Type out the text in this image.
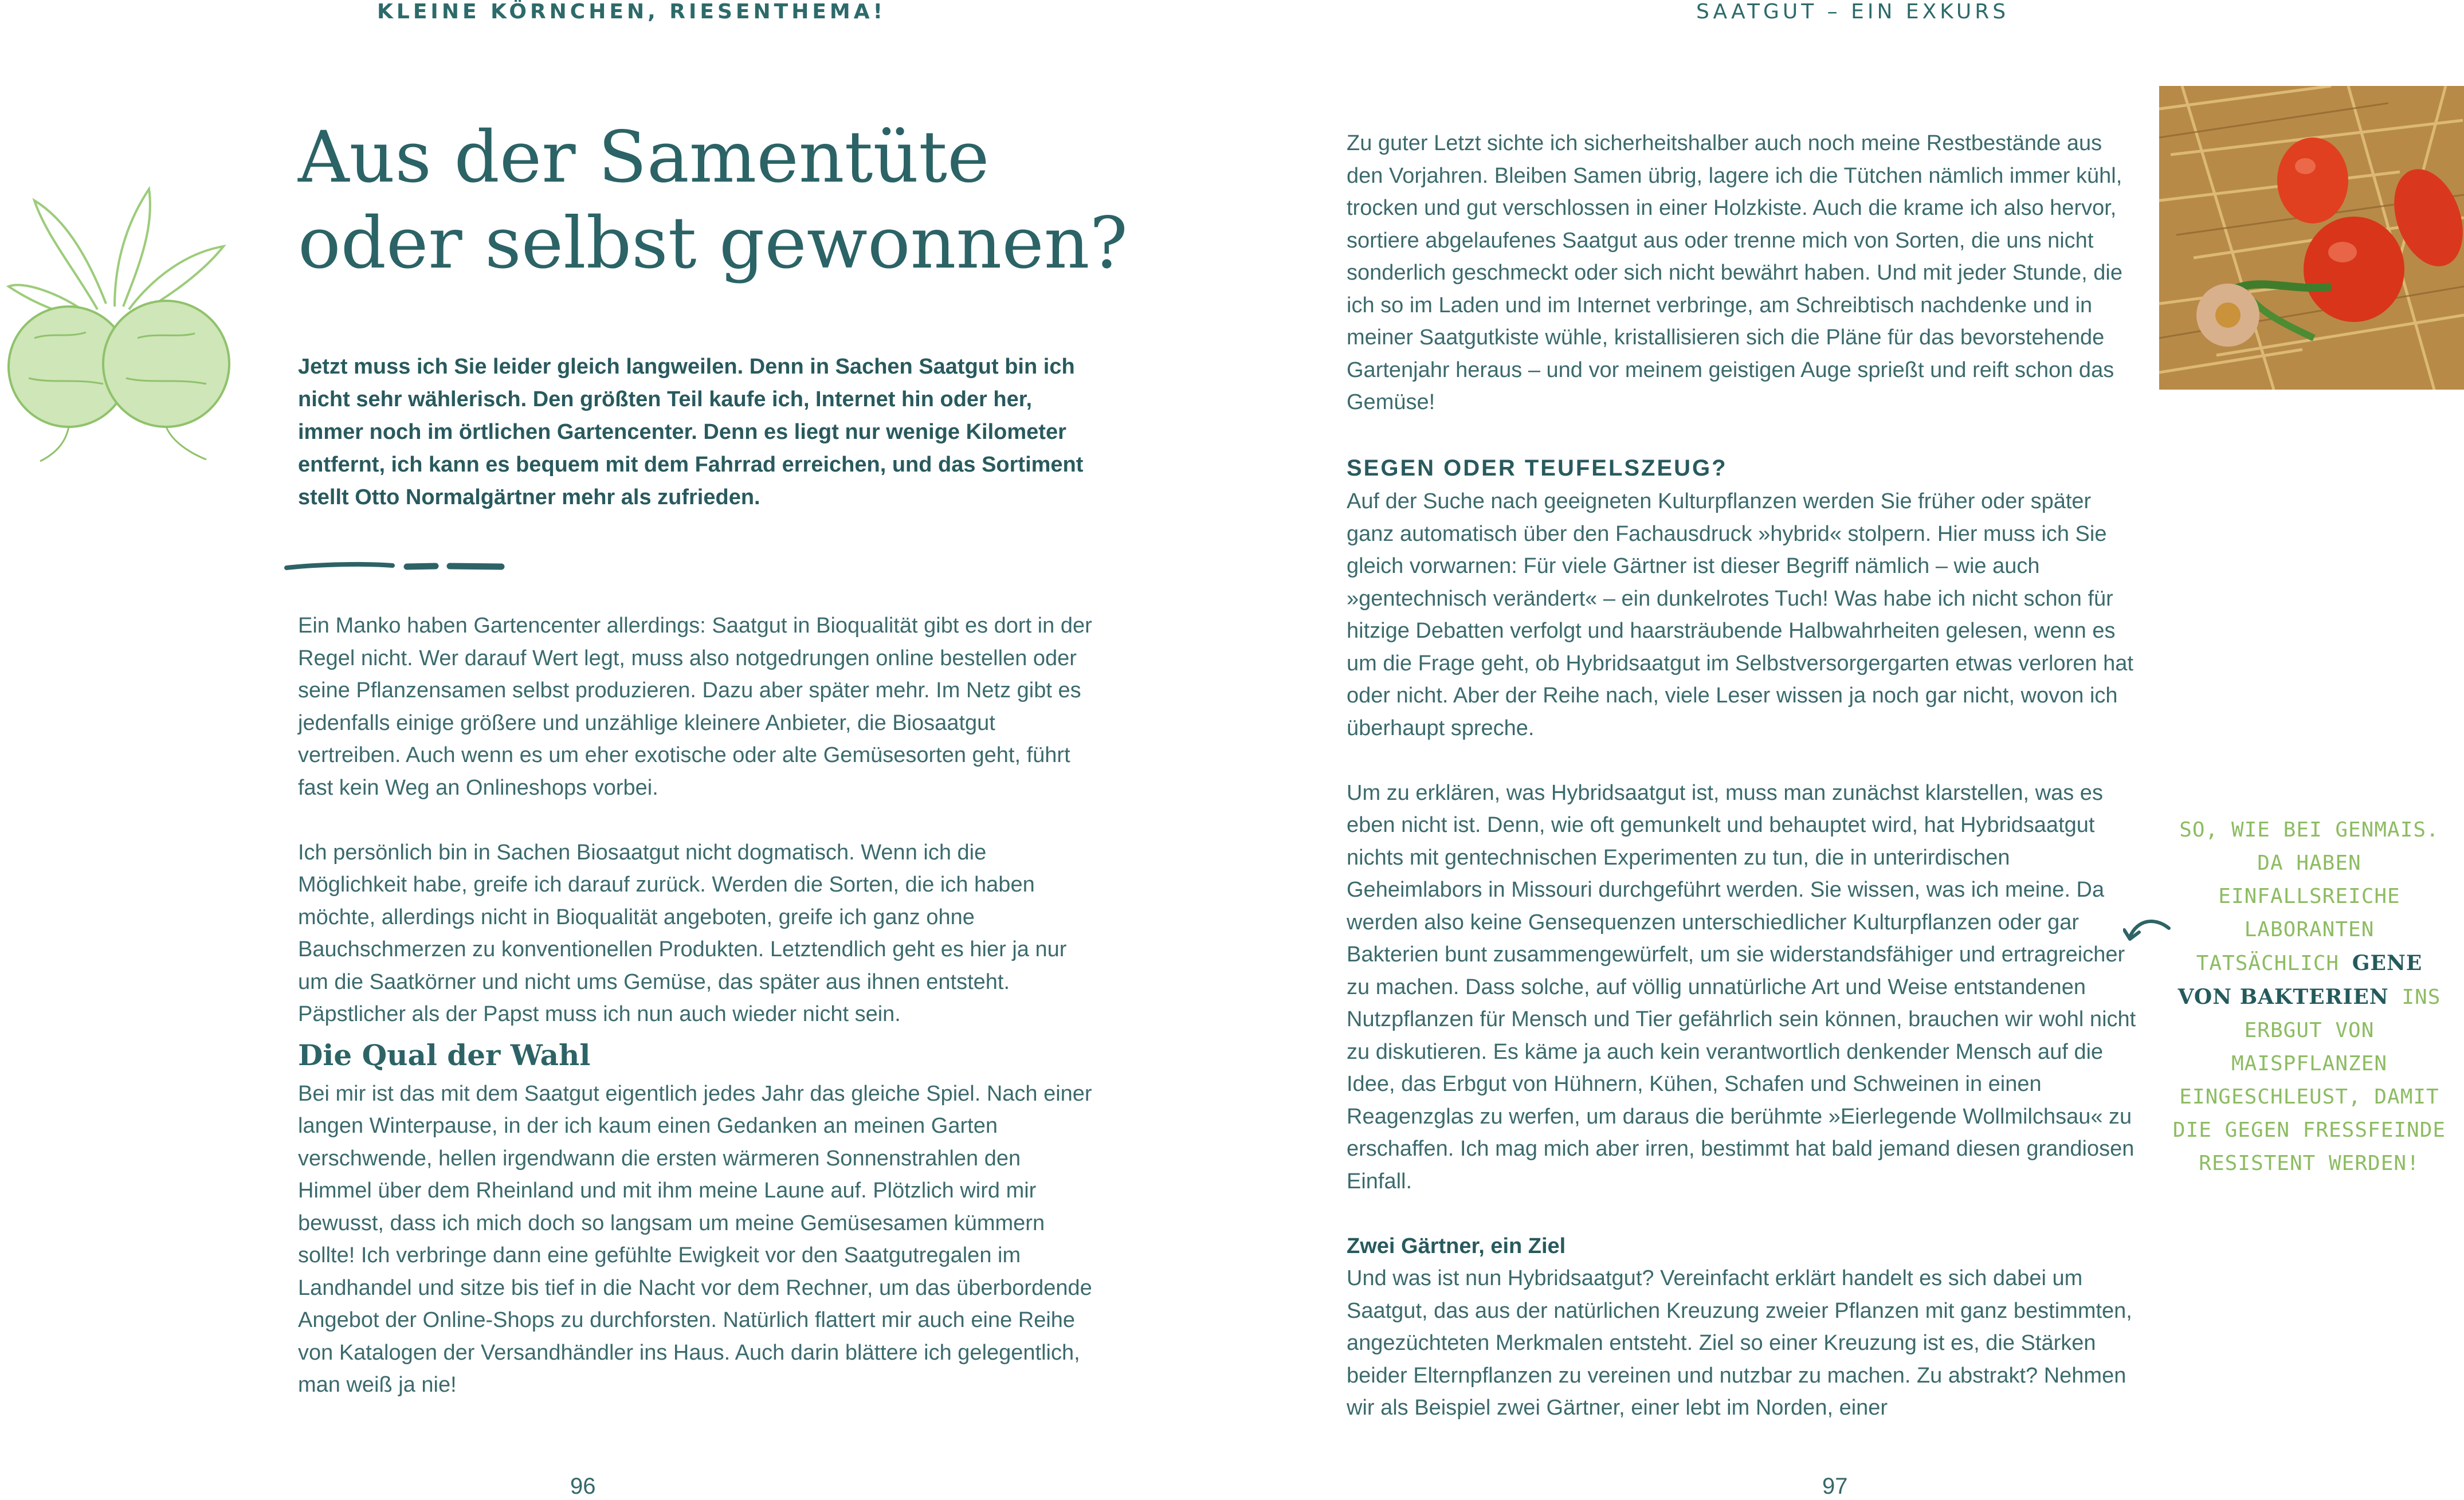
KLEINE KÖRNCHEN, RIESENTHEMA!	SAATGUT – EIN EXKURS
Aus der Samentüte
oder selbst gewonnen?

Jetzt muss ich Sie leider gleich langweilen. Denn in Sachen Saatgut bin ich nicht sehr wählerisch. Den größten Teil kaufe ich, Internet hin oder her, immer noch im örtlichen Gartencenter. Denn es liegt nur wenige Kilometer entfernt, ich kann es bequem mit dem Fahrrad erreichen, und das Sortiment stellt Otto Normalgärtner mehr als zufrieden.

Ein Manko haben Gartencenter allerdings: Saatgut in Bioqualität gibt es dort in der Regel nicht. Wer darauf Wert legt, muss also notgedrungen online bestellen oder seine Pflanzensamen selbst produzieren. Dazu aber später mehr. Im Netz gibt es jedenfalls einige größere und unzählige kleinere Anbieter, die Biosaatgut vertreiben. Auch wenn es um eher exotische oder alte Gemüsesorten geht, führt fast kein Weg an Onlineshops vorbei.

Ich persönlich bin in Sachen Biosaatgut nicht dogmatisch. Wenn ich die Möglichkeit habe, greife ich darauf zurück. Werden die Sorten, die ich haben möchte, allerdings nicht in Bioqualität angeboten, greife ich ganz ohne Bauchschmerzen zu konventionellen Produkten. Letztendlich geht es hier ja nur um die Saatkörner und nicht ums Gemüse, das später aus ihnen entsteht. Päpstlicher als der Papst muss ich nun auch wieder nicht sein.

Die Qual der Wahl

Bei mir ist das mit dem Saatgut eigentlich jedes Jahr das gleiche Spiel. Nach einer langen Winterpause, in der ich kaum einen Gedanken an meinen Garten verschwende, hellen irgendwann die ersten wärmeren Sonnenstrahlen den Himmel über dem Rheinland und mit ihm meine Laune auf. Plötzlich wird mir bewusst, dass ich mich doch so langsam um meine Gemüsesamen kümmern sollte! Ich verbringe dann eine gefühlte Ewigkeit vor den Saatgutregalen im Landhandel und sitze bis tief in die Nacht vor dem Rechner, um das überbordende Angebot der Online-Shops zu durchforsten. Natürlich flattert mir auch eine Reihe von Katalogen der Versandhändler ins Haus. Auch darin blättere ich gelegentlich, man weiß ja nie!

96

Zu guter Letzt sichte ich sicherheitshalber auch noch meine Restbestände aus den Vorjahren. Bleiben Samen übrig, lagere ich die Tütchen nämlich immer kühl, trocken und gut verschlossen in einer Holzkiste. Auch die krame ich also hervor, sortiere abgelaufenes Saatgut aus oder trenne mich von Sorten, die uns nicht sonderlich geschmeckt oder sich nicht bewährt haben. Und mit jeder Stunde, die ich so im Laden und im Internet verbringe, am Schreibtisch nachdenke und in meiner Saatgutkiste wühle, kristallisieren sich die Pläne für das bevorstehende Gartenjahr heraus – und vor meinem geistigen Auge sprießt und reift schon das Gemüse!

SEGEN ODER TEUFELSZEUG?

Auf der Suche nach geeigneten Kulturpflanzen werden Sie früher oder später ganz automatisch über den Fachausdruck »hybrid« stolpern. Hier muss ich Sie gleich vorwarnen: Für viele Gärtner ist dieser Begriff nämlich – wie auch »gentechnisch verändert« – ein dunkelrotes Tuch! Was habe ich nicht schon für hitzige Debatten verfolgt und haarsträubende Halbwahrheiten gelesen, wenn es um die Frage geht, ob Hybridsaatgut im Selbstversorgergarten etwas verloren hat oder nicht. Aber der Reihe nach, viele Leser wissen ja noch gar nicht, wovon ich überhaupt spreche.

Um zu erklären, was Hybridsaatgut ist, muss man zunächst klarstellen, was es eben nicht ist. Denn, wie oft gemunkelt und behauptet wird, hat Hybridsaatgut nichts mit gentechnischen Experimenten zu tun, die in unterirdischen Geheimlabors in Missouri durchgeführt werden. Sie wissen, was ich meine. Da werden also keine Gensequenzen unterschiedlicher Kulturpflanzen oder gar Bakterien bunt zusammengewürfelt, um sie widerstandsfähiger und ertragreicher zu machen. Dass solche, auf völlig unnatürliche Art und Weise entstandenen Nutzpflanzen für Mensch und Tier gefährlich sein können, brauchen wir wohl nicht zu diskutieren. Es käme ja auch kein verantwortlich denkender Mensch auf die Idee, das Erbgut von Hühnern, Kühen, Schafen und Schweinen in einen Reagenzglas zu werfen, um daraus die berühmte »Eierlegende Wollmilchsau« zu erschaffen. Ich mag mich aber irren, bestimmt hat bald jemand diesen grandiosen Einfall.

Zwei Gärtner, ein Ziel

Und was ist nun Hybridsaatgut? Vereinfacht erklärt handelt es sich dabei um Saatgut, das aus der natürlichen Kreuzung zweier Pflanzen mit ganz bestimmten, angezüchteten Merkmalen entsteht. Ziel so einer Kreuzung ist es, die Stärken beider Elternpflanzen zu vereinen und nutzbar zu machen. Zu abstrakt? Nehmen wir als Beispiel zwei Gärtner, einer lebt im Norden, einer

97
SO, WIE BEI GENMAIS. DA HABEN EINFALLSREICHE LABORANTEN TATSÄCHLICH GENE VON BAKTERIEN INS ERBGUT VON MAISPFLANZEN EINGESCHLEUST, DAMIT DIE GEGEN FRESSFEINDE RESISTENT WERDEN!
